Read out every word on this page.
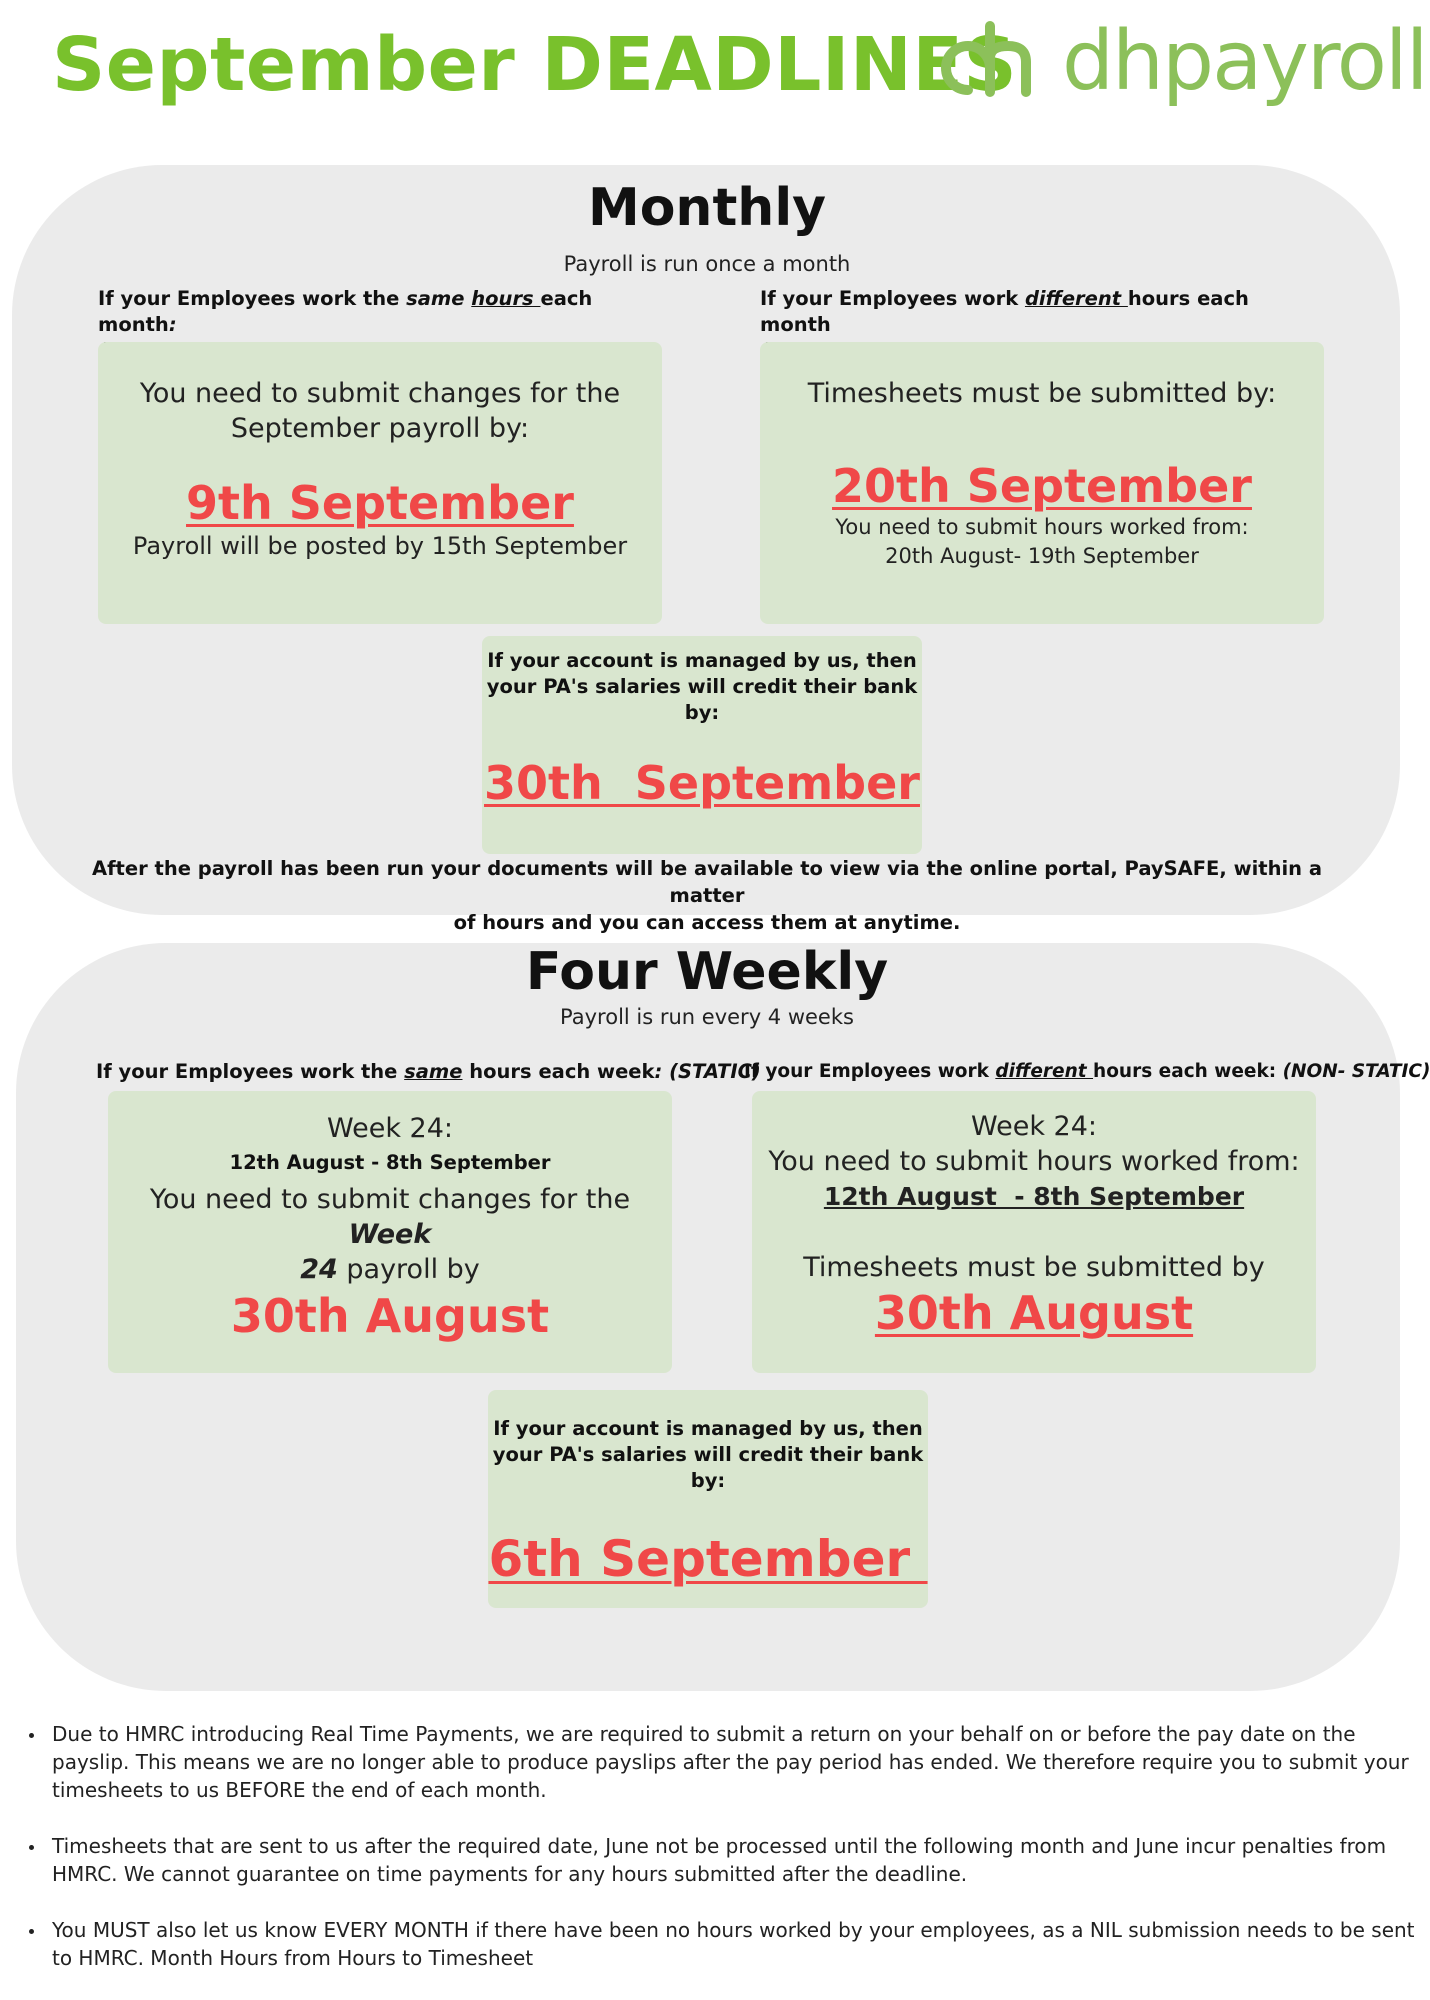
September DEADLINES dhpayroll
Monthly
Payroll is run once a month
If your Employees work the same hours each month:

If your Employees work different hours each month

You need to submit changes for the
September payroll by:
9th September
Payroll will be posted by 15th September
Timesheets must be submitted by:
20th September
You need to submit hours worked from:
20th August- 19th September
If your account is managed by us, then
your PA's salaries will credit their bank by:
30th  September
After the payroll has been run your documents will be available to view via the online portal, PaySAFE, within a matter
of hours and you can access them at anytime.
Four Weekly
Payroll is run every 4 weeks
If your Employees work the same hours each week: (STATIC)
If your Employees work different hours each week: (NON- STATIC)
Week 24:
12th August - 8th September
You need to submit changes for the Week
24 payroll by
30th August
Week 24:
You need to submit hours worked from:
12th August  - 8th September
Timesheets must be submitted by
30th August
If your account is managed by us, then
your PA's salaries will credit their bank by:
6th September
• Due to HMRC introducing Real Time Payments, we are required to submit a return on your behalf on or before the pay date on the payslip. This means we are no longer able to produce payslips after the pay period has ended. We therefore require you to submit your timesheets to us BEFORE the end of each month.
• Timesheets that are sent to us after the required date, June not be processed until the following month and June incur penalties from HMRC. We cannot guarantee on time payments for any hours submitted after the deadline.
• You MUST also let us know EVERY MONTH if there have been no hours worked by your employees, as a NIL submission needs to be sent to HMRC. Month Hours from Hours to Timesheet
